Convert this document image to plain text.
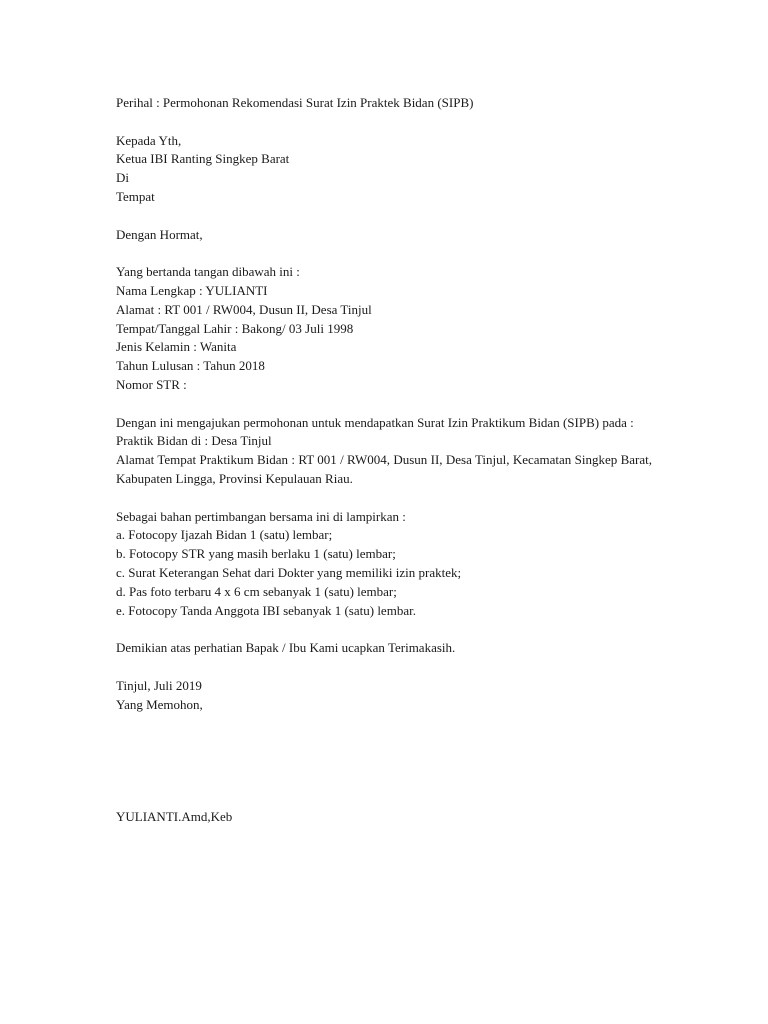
Perihal : Permohonan Rekomendasi Surat Izin Praktek Bidan (SIPB)
Kepada Yth,
Ketua IBI Ranting Singkep Barat
Di
Tempat
Dengan Hormat,
Yang bertanda tangan dibawah ini :
Nama Lengkap : YULIANTI
Alamat : RT 001 / RW004, Dusun II, Desa Tinjul
Tempat/Tanggal Lahir : Bakong/ 03 Juli 1998
Jenis Kelamin : Wanita
Tahun Lulusan : Tahun 2018
Nomor STR :
Dengan ini mengajukan permohonan untuk mendapatkan Surat Izin Praktikum Bidan (SIPB) pada :
Praktik Bidan di : Desa Tinjul
Alamat Tempat Praktikum Bidan : RT 001 / RW004, Dusun II, Desa Tinjul, Kecamatan Singkep Barat, Kabupaten Lingga, Provinsi Kepulauan Riau.
Sebagai bahan pertimbangan bersama ini di lampirkan :
a. Fotocopy Ijazah Bidan 1 (satu) lembar;
b. Fotocopy STR yang masih berlaku 1 (satu) lembar;
c. Surat Keterangan Sehat dari Dokter yang memiliki izin praktek;
d. Pas foto terbaru 4 x 6 cm sebanyak 1 (satu) lembar;
e. Fotocopy Tanda Anggota IBI sebanyak 1 (satu) lembar.
Demikian atas perhatian Bapak / Ibu Kami ucapkan Terimakasih.
Tinjul, Juli 2019
Yang Memohon,
YULIANTI.Amd,Keb
